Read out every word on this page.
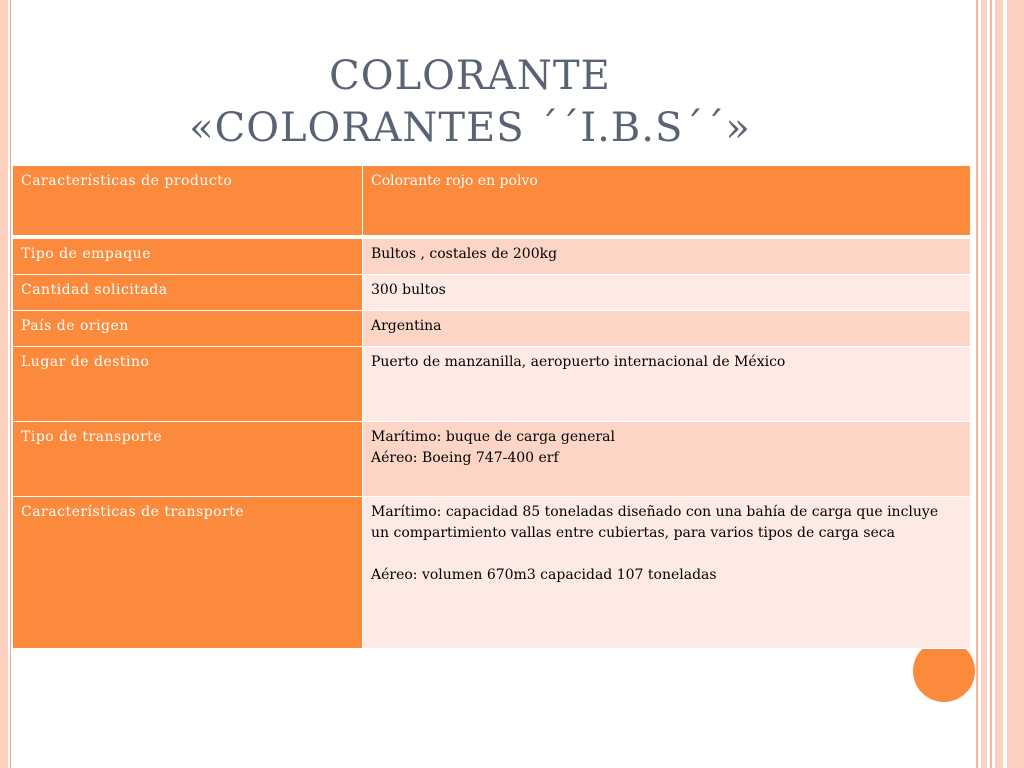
COLORANTE
«COLORANTES ´´I.B.S´´»
Características de producto	Colorante rojo en polvo
Tipo de empaque	Bultos , costales de 200kg

Cantidad solicitada	300 bultos

País de origen	Argentina

Lugar de destino	Puerto de manzanilla, aeropuerto internacional de México

Tipo de transporte	Marítimo: buque de carga general
Aéreo: Boeing 747-400 erf

Características de transporte	Marítimo: capacidad 85 toneladas diseñado con una bahía de carga que incluye
un compartimiento vallas entre cubiertas, para varios tipos de carga seca
Aéreo: volumen 670m3 capacidad 107 toneladas
